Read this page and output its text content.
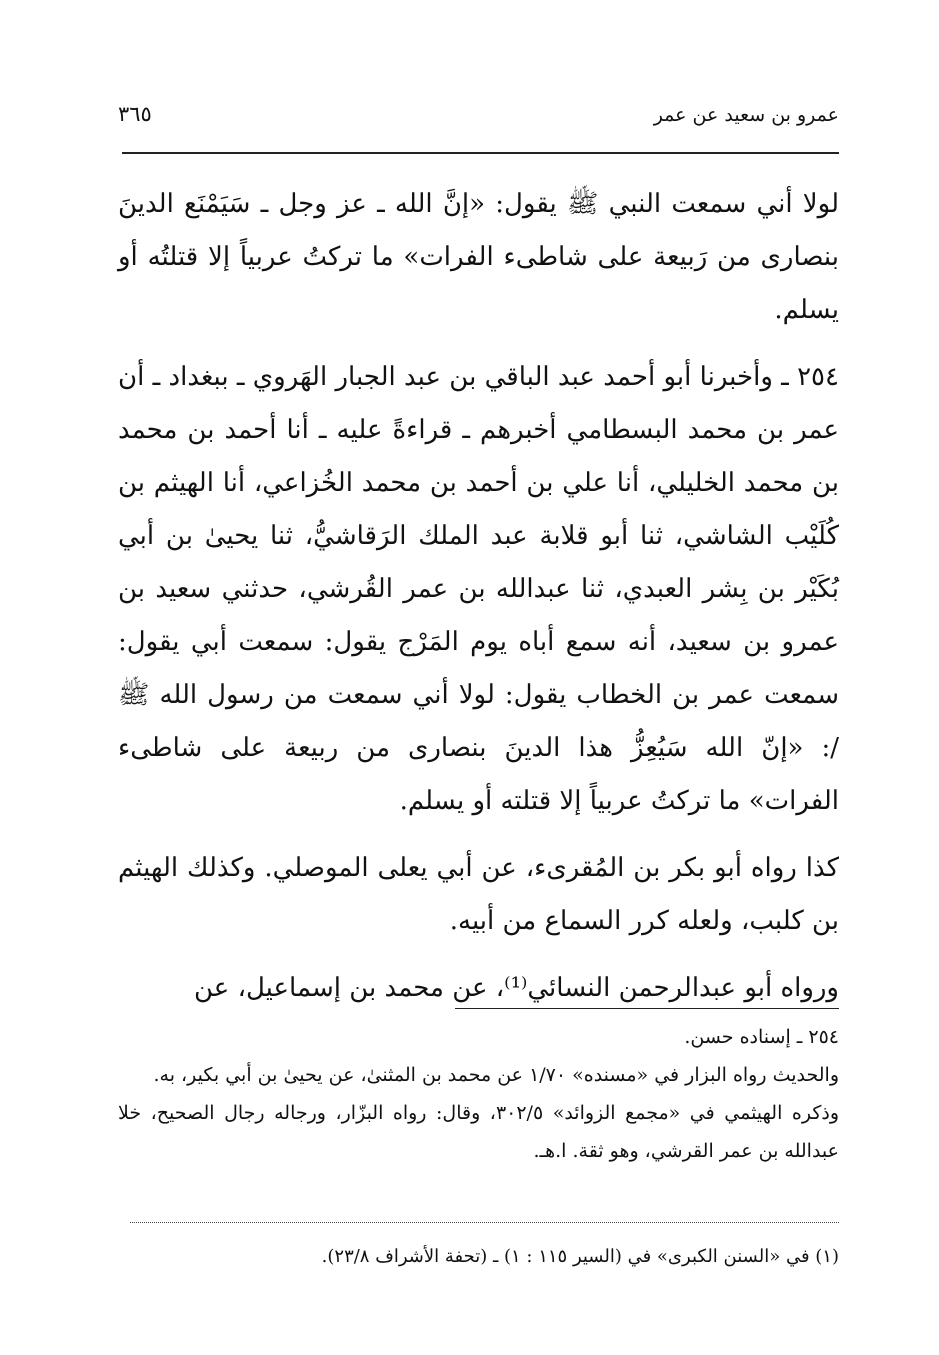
عمرو بن سعيد عن عمر
٣٦٥

لولا أني سمعت النبي ﷺ يقول: «إنَّ الله ـ عز وجل ـ سَيَمْنَع الدينَ بنصارى من رَبيعة على شاطىء الفرات» ما تركتُ عربياً إلا قتلتُه أو يسلم.

٢٥٤ ـ وأخبرنا أبو أحمد عبد الباقي بن عبد الجبار الهَروي ـ ببغداد ـ أن عمر بن محمد البسطامي أخبرهم ـ قراءةً عليه ـ أنا أحمد بن محمد بن محمد الخليلي، أنا علي بن أحمد بن محمد الخُزاعي، أنا الهيثم بن كُلَيْب الشاشي، ثنا أبو قلابة عبد الملك الرَقاشيُّ، ثنا يحيىٰ بن أبي بُكَيْر بن بِشر العبدي، ثنا عبدالله بن عمر القُرشي، حدثني سعيد بن عمرو بن سعيد، أنه سمع أباه يوم المَرْج يقول: سمعت أبي يقول: سمعت عمر بن الخطاب يقول: لولا أني سمعت من رسول الله ﷺ /: «إنّ الله سَيُعِزُّ هذا الدينَ بنصارى من ربيعة على شاطىء الفرات» ما تركتُ عربياً إلا قتلته أو يسلم.

كذا رواه أبو بكر بن المُقرىء، عن أبي يعلى الموصلي. وكذلك الهيثم بن كلبب، ولعله كرر السماع من أبيه.

ورواه أبو عبدالرحمن النسائي⁽¹⁾، عن محمد بن إسماعيل، عن

٢٥٤ ـ إسناده حسن.

والحديث رواه البزار في «مسنده» ١/٧٠ عن محمد بن المثنىٰ، عن يحيىٰ بن أبي بكير، به.

وذكره الهيثمي في «مجمع الزوائد» ٣٠٢/٥، وقال: رواه البزّار، ورجاله رجال الصحيح، خلا عبدالله بن عمر القرشي، وهو ثقة. ا.هـ.

(١) في «السنن الكبرى» في (السير ١١٥ : ١) ـ (تحفة الأشراف ٢٣/٨).
